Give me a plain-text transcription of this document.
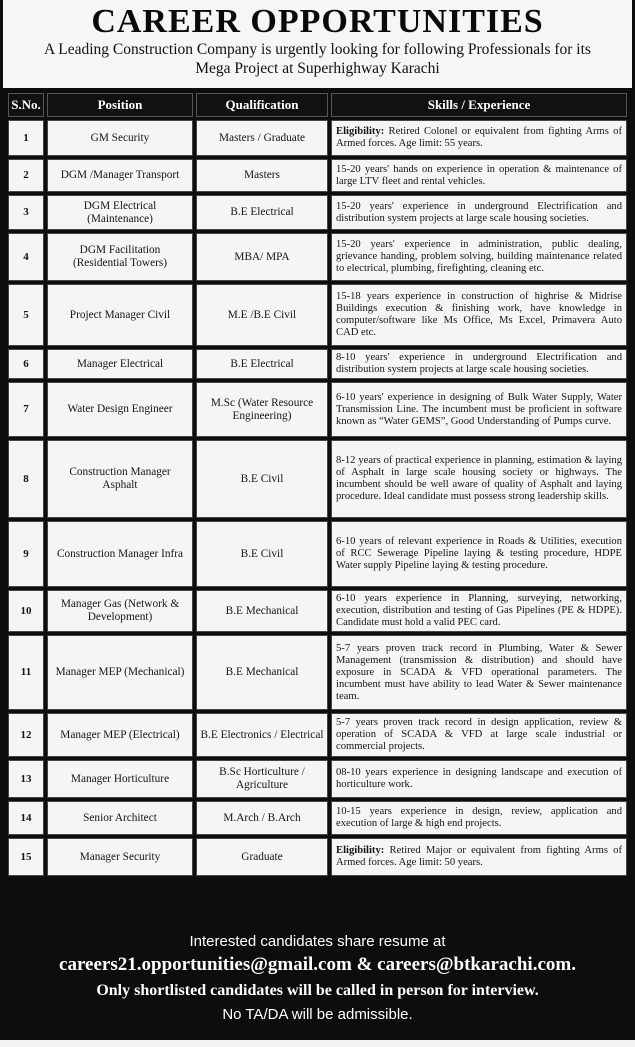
CAREER OPPORTUNITIES
A Leading Construction Company is urgently looking for following Professionals for its
Mega Project at Superhighway Karachi
S.No.	Position	Qualification	Skills / Experience
1	GM Security	Masters / Graduate	Eligibility: Retired Colonel or equivalent from fighting Arms of Armed forces. Age limit: 55 years.
2	DGM /Manager Transport	Masters	15-20 years' hands on experience in operation & maintenance of large LTV fleet and rental vehicles.
3	DGM Electrical (Maintenance)	B.E Electrical	15-20 years' experience in underground Electrification and distribution system projects at large scale housing societies.
4	DGM Facilitation (Residential Towers)	MBA/ MPA	15-20 years' experience in administration, public dealing, grievance handing, problem solving, building maintenance related to electrical, plumbing, firefighting, cleaning etc.
5	Project Manager Civil	M.E /B.E Civil	15-18 years experience in construction of highrise & Midrise Buildings execution & finishing work, have knowledge in computer/software like Ms Office, Ms Excel, Primavera Auto CAD etc.
6	Manager Electrical	B.E Electrical	8-10 years' experience in underground Electrification and distribution system projects at large scale housing societies.
7	Water Design Engineer	M.Sc (Water Resource Engineering)	6-10 years' experience in designing of Bulk Water Supply, Water Transmission Line. The incumbent must be proficient in software known as “Water GEMS”, Good Understanding of Pumps curve.
8	Construction Manager Asphalt	B.E Civil	8-12 years of practical experience in planning, estimation & laying of Asphalt in large scale housing society or highways. The incumbent should be well aware of quality of Asphalt and laying procedure. Ideal candidate must possess strong leadership skills.
9	Construction Manager Infra	B.E Civil	6-10 years of relevant experience in Roads & Utilities, execution of RCC Sewerage Pipeline laying & testing procedure, HDPE Water supply Pipeline laying & testing procedure.
10	Manager Gas (Network & Development)	B.E Mechanical	6-10 years experience in Planning, surveying, networking, execution, distribution and testing of Gas Pipelines (PE & HDPE). Candidate must hold a valid PEC card.
11	Manager MEP (Mechanical)	B.E Mechanical	5-7 years proven track record in Plumbing, Water & Sewer Management (transmission & distribution) and should have exposure in SCADA & VFD operational parameters. The incumbent must have ability to lead Water & Sewer maintenance team.
12	Manager MEP (Electrical)	B.E Electronics / Electrical	5-7 years proven track record in design application, review & operation of SCADA & VFD at large scale industrial or commercial projects.
13	Manager Horticulture	B.Sc Horticulture / Agriculture	08-10 years experience in designing landscape and execution of horticulture work.
14	Senior Architect	M.Arch / B.Arch	10-15 years experience in design, review, application and execution of large & high end projects.
15	Manager Security	Graduate	Eligibility: Retired Major or equivalent from fighting Arms of Armed forces. Age limit: 50 years.
Interested candidates share resume at
careers21.opportunities@gmail.com & careers@btkarachi.com.
Only shortlisted candidates will be called in person for interview.
No TA/DA will be admissible.
